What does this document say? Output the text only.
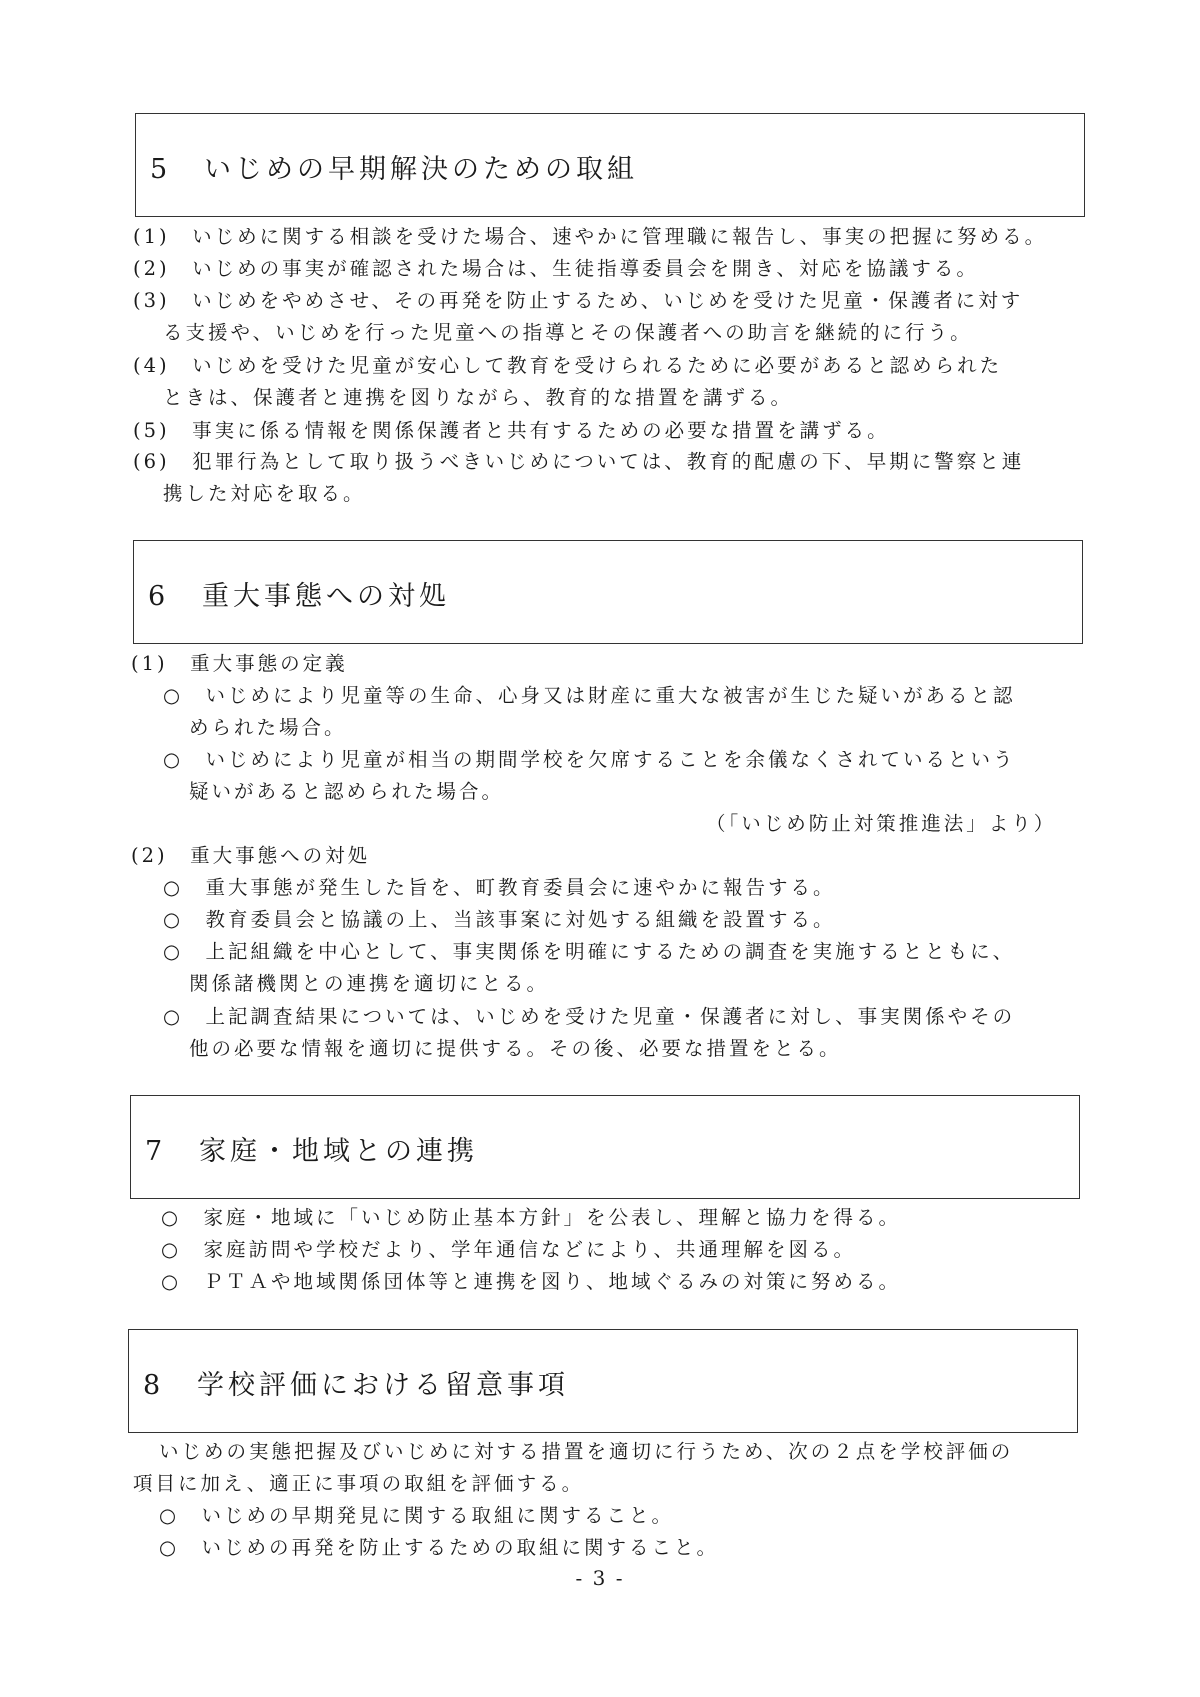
5 いじめの早期解決のための取組
(1)　いじめに関する相談を受けた場合、速やかに管理職に報告し、事実の把握に努める。
(2)　いじめの事実が確認された場合は、生徒指導委員会を開き、対応を協議する。
(3)　いじめをやめさせ、その再発を防止するため、いじめを受けた児童・保護者に対す
る支援や、いじめを行った児童への指導とその保護者への助言を継続的に行う。
(4)　いじめを受けた児童が安心して教育を受けられるために必要があると認められた
ときは、保護者と連携を図りながら、教育的な措置を講ずる。
(5)　事実に係る情報を関係保護者と共有するための必要な措置を講ずる。
(6)　犯罪行為として取り扱うべきいじめについては、教育的配慮の下、早期に警察と連
携した対応を取る。
6 重大事態への対処
(1)　重大事態の定義
○　いじめにより児童等の生命、心身又は財産に重大な被害が生じた疑いがあると認
められた場合。
○　いじめにより児童が相当の期間学校を欠席することを余儀なくされているという
疑いがあると認められた場合。
（「いじめ防止対策推進法」より）
(2)　重大事態への対処
○　重大事態が発生した旨を、町教育委員会に速やかに報告する。
○　教育委員会と協議の上、当該事案に対処する組織を設置する。
○　上記組織を中心として、事実関係を明確にするための調査を実施するとともに、
関係諸機関との連携を適切にとる。
○　上記調査結果については、いじめを受けた児童・保護者に対し、事実関係やその
他の必要な情報を適切に提供する。その後、必要な措置をとる。
7 家庭・地域との連携
○　家庭・地域に「いじめ防止基本方針」を公表し、理解と協力を得る。
○　家庭訪問や学校だより、学年通信などにより、共通理解を図る。
○　ＰＴＡや地域関係団体等と連携を図り、地域ぐるみの対策に努める。
8 学校評価における留意事項
いじめの実態把握及びいじめに対する措置を適切に行うため、次の２点を学校評価の
項目に加え、適正に事項の取組を評価する。
○　いじめの早期発見に関する取組に関すること。
○　いじめの再発を防止するための取組に関すること。
- 3 -
